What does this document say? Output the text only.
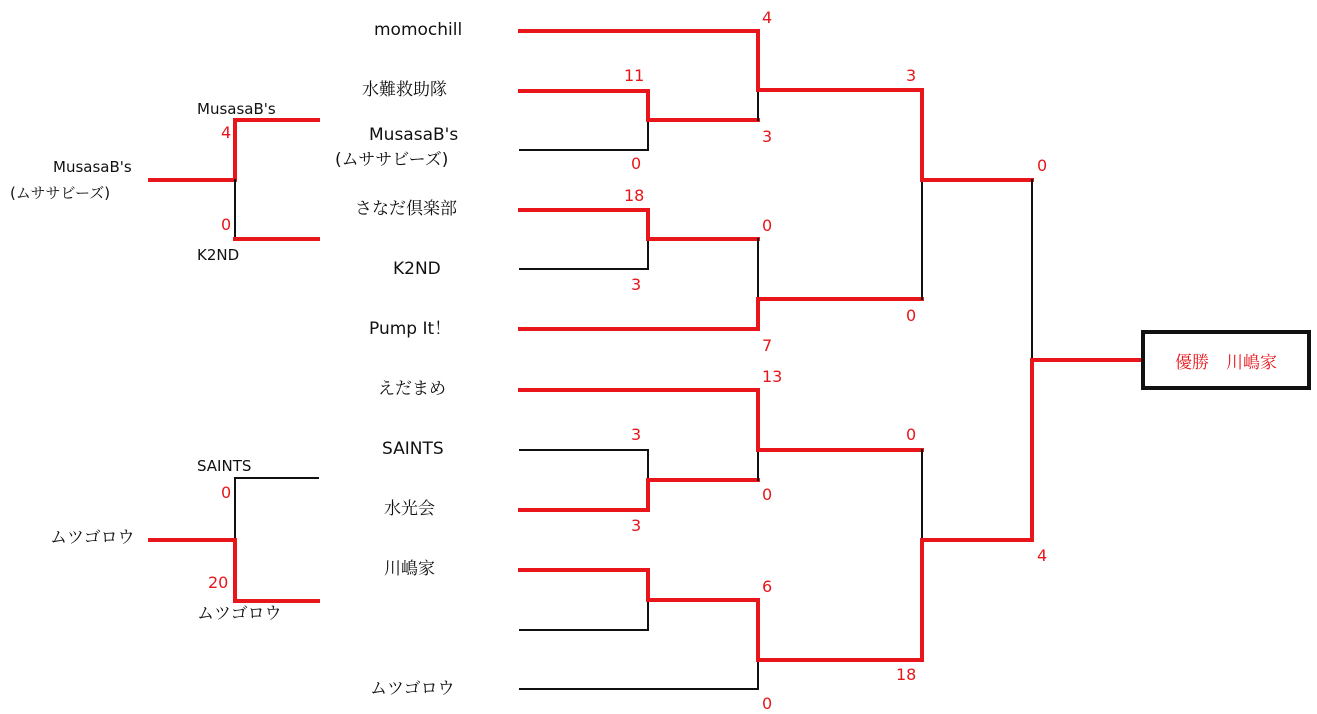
MusasaB's
4
0
K2ND
MusasaB's
(ムササビーズ)
SAINTS
0
20
ムツゴロウ
ムツゴロウ
momochill
水難救助隊
MusasaB's
(ムササビーズ)
さなだ倶楽部
K2ND
Pump It！
えだまめ
SAINTS
水光会
川嶋家
ムツゴロウ
11
0
18
3
3
3
4
3
0
7
13
0
6
0
3
0
0
18
0
4
優勝　川嶋家
